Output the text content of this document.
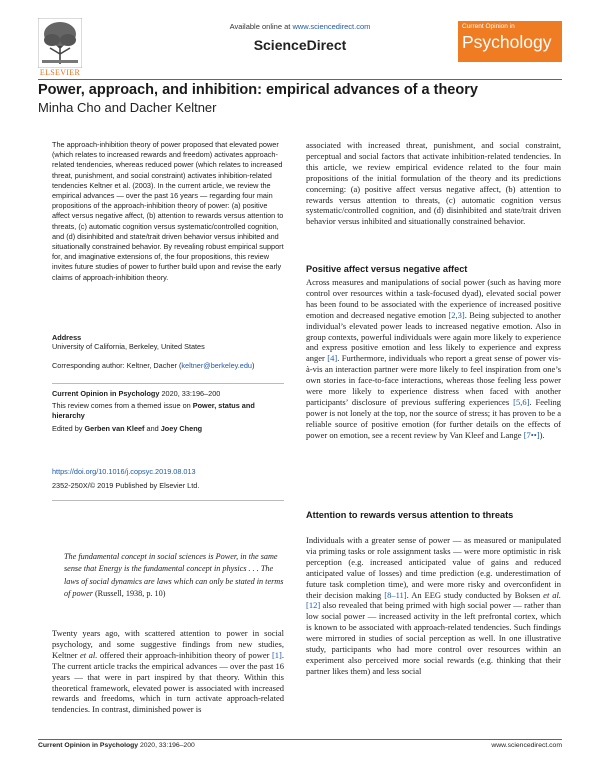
ELSEVIER
Available online at www.sciencedirect.com
ScienceDirect
Current Opinion in
Psychology
Power, approach, and inhibition: empirical advances of a theory
Minha Cho and Dacher Keltner
The approach-inhibition theory of power proposed that elevated power (which relates to increased rewards and freedom) activates approach-related tendencies, whereas reduced power (which relates to increased threat, punishment, and social constraint) activates inhibition-related tendencies Keltner et al. (2003). In the current article, we review the empirical advances — over the past 16 years — regarding four main propositions of the approach-inhibition theory of power: (a) positive affect versus negative affect, (b) attention to rewards versus attention to threats, (c) automatic cognition versus systematic/controlled cognition, and (d) disinhibited and state/trait driven behavior versus inhibited and situationally constrained behavior. By revealing robust empirical support for, and imaginative extensions of, the four propositions, this review invites future studies of power to further build upon and revise the early claims of approach-inhibition theory.
Address
University of California, Berkeley, United States
Corresponding author: Keltner, Dacher (keltner@berkeley.edu)
Current Opinion in Psychology 2020, 33:196–200
This review comes from a themed issue on Power, status and hierarchy
Edited by Gerben van Kleef and Joey Cheng
https://doi.org/10.1016/j.copsyc.2019.08.013
2352-250X/© 2019 Published by Elsevier Ltd.
The fundamental concept in social sciences is Power, in the same sense that Energy is the fundamental concept in physics . . . The laws of social dynamics are laws which can only be stated in terms of power (Russell, 1938, p. 10)
Twenty years ago, with scattered attention to power in social psychology, and some suggestive findings from new studies, Keltner et al. offered their approach-inhibition theory of power [1]. The current article tracks the empirical advances — over the past 16 years — that were in part inspired by that theory. Within this theoretical framework, elevated power is associated with increased rewards and freedoms, which in turn activate approach-related tendencies. In contrast, diminished power is
associated with increased threat, punishment, and social constraint, perceptual and social factors that activate inhibition-related tendencies. In this article, we review empirical evidence related to the four main propositions of the initial formulation of the theory and its predictions concerning: (a) positive affect versus negative affect, (b) attention to rewards versus attention to threats, (c) automatic cognition versus systematic/controlled cognition, and (d) disinhibited and state/trait driven behavior versus inhibited and situationally constrained behavior.
Positive affect versus negative affect
Across measures and manipulations of social power (such as having more control over resources within a task-focused dyad), elevated social power has been found to be associated with the experience of increased positive emotion and decreased negative emotion [2,3]. Being subjected to another individual’s elevated power leads to increased negative emotion. Also in group contexts, powerful individuals were again more likely to experience and express positive emotion and less likely to experience and express anger [4]. Furthermore, individuals who report a great sense of power vis-à-vis an interaction partner were more likely to feel inspiration from one’s own stories in face-to-face interactions, whereas those feeling less power were more likely to experience distress when faced with another participants’ disclosure of previous suffering experiences [5,6]. Feeling power is not lonely at the top, nor the source of stress; it has proven to be a reliable source of positive emotion (for further details on the effects of power on emotion, see a recent review by Van Kleef and Lange [7••]).
Attention to rewards versus attention to threats
Individuals with a greater sense of power — as measured or manipulated via priming tasks or role assignment tasks — were more optimistic in risk perception (e.g. increased anticipated value of gains and reduced anticipated value of losses) and time prediction (e.g. underestimation of future task completion time), and were more risky and overconfident in their decision making [8–11]. An EEG study conducted by Boksen et al. [12] also revealed that being primed with high social power — rather than low social power — increased activity in the left prefrontal cortex, which is known to be associated with approach-related tendencies. Such findings were mirrored in studies of social perception as well. In one illustrative study, participants who had more control over resources within an experiment also perceived more social rewards (e.g. thinking that their partner likes them) and less social
Current Opinion in Psychology 2020, 33:196–200	www.sciencedirect.com
